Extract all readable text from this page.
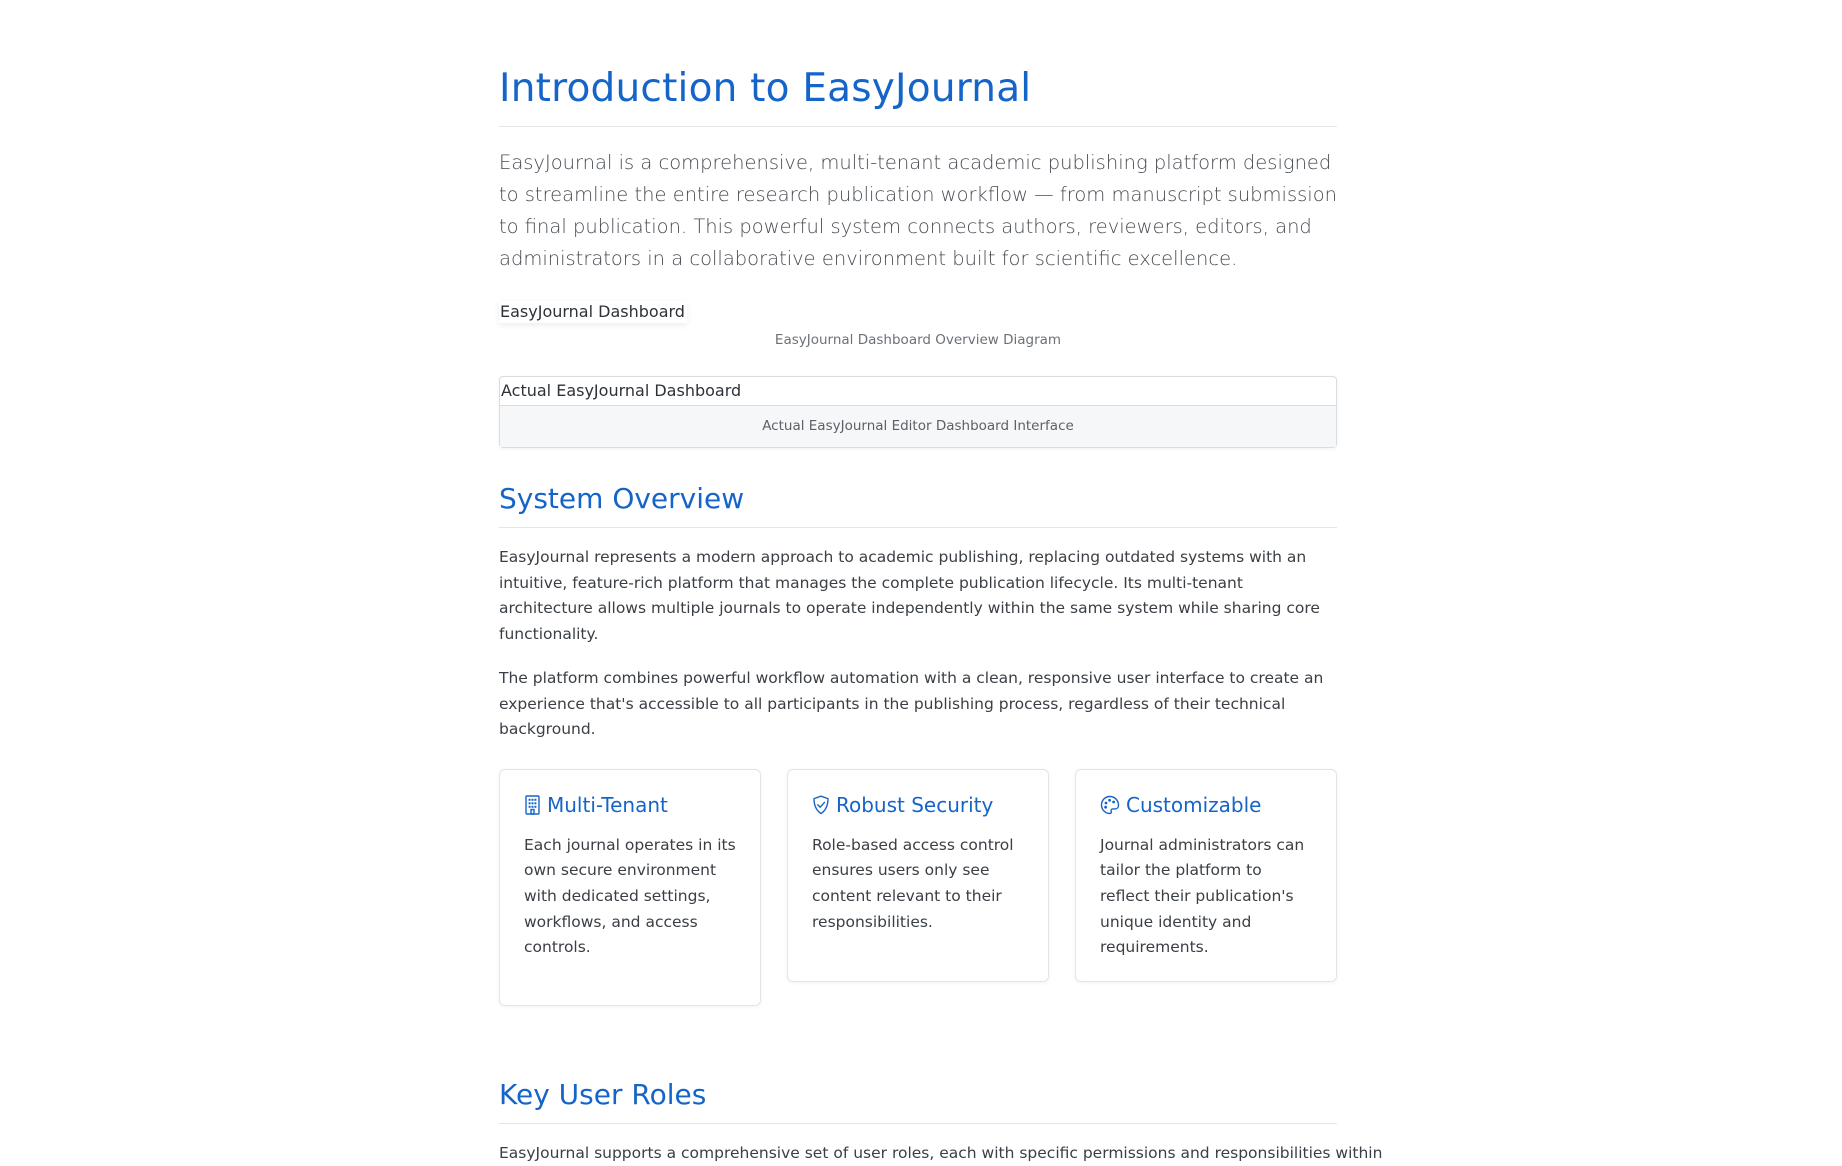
Introduction to EasyJournal

EasyJournal is a comprehensive, multi-tenant academic publishing platform designed to streamline the entire research publication workflow — from manuscript submission to final publication. This powerful system connects authors, reviewers, editors, and administrators in a collaborative environment built for scientific excellence.

EasyJournal Dashboard
EasyJournal Dashboard Overview Diagram
Actual EasyJournal Dashboard
Actual EasyJournal Editor Dashboard Interface
System Overview

EasyJournal represents a modern approach to academic publishing, replacing outdated systems with an intuitive, feature-rich platform that manages the complete publication lifecycle. Its multi-tenant architecture allows multiple journals to operate independently within the same system while sharing core functionality.

The platform combines powerful workflow automation with a clean, responsive user interface to create an experience that's accessible to all participants in the publishing process, regardless of their technical background.

Multi-Tenant
Each journal operates in its own secure environment with dedicated settings, workflows, and access controls.
Robust Security
Role-based access control ensures users only see content relevant to their responsibilities.
Customizable
Journal administrators can tailor the platform to reflect their publication's unique identity and requirements.
Key User Roles
EasyJournal supports a comprehensive set of user roles, each with specific permissions and responsibilities within
